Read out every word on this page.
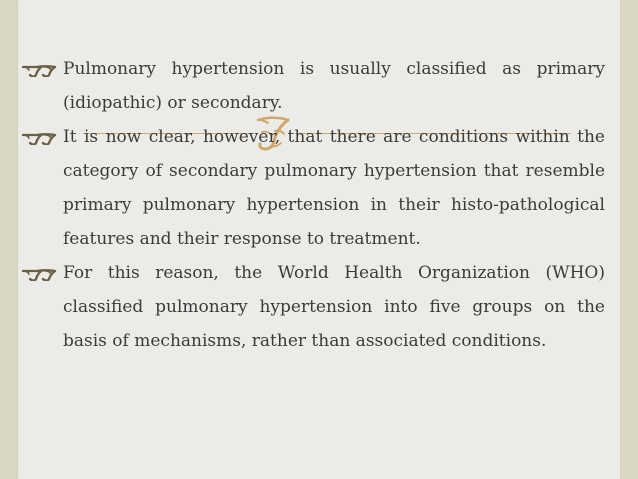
Pulmonary hypertension is usually classified as primary (idiopathic) or secondary.
It is now clear, however, that there are conditions within the category of secondary pulmonary hypertension that resemble primary pulmonary hypertension in their histo-pathological features and their response to treatment.
For this reason, the World Health Organization (WHO) classified pulmonary hypertension into five groups on the basis of mechanisms, rather than associated conditions.
